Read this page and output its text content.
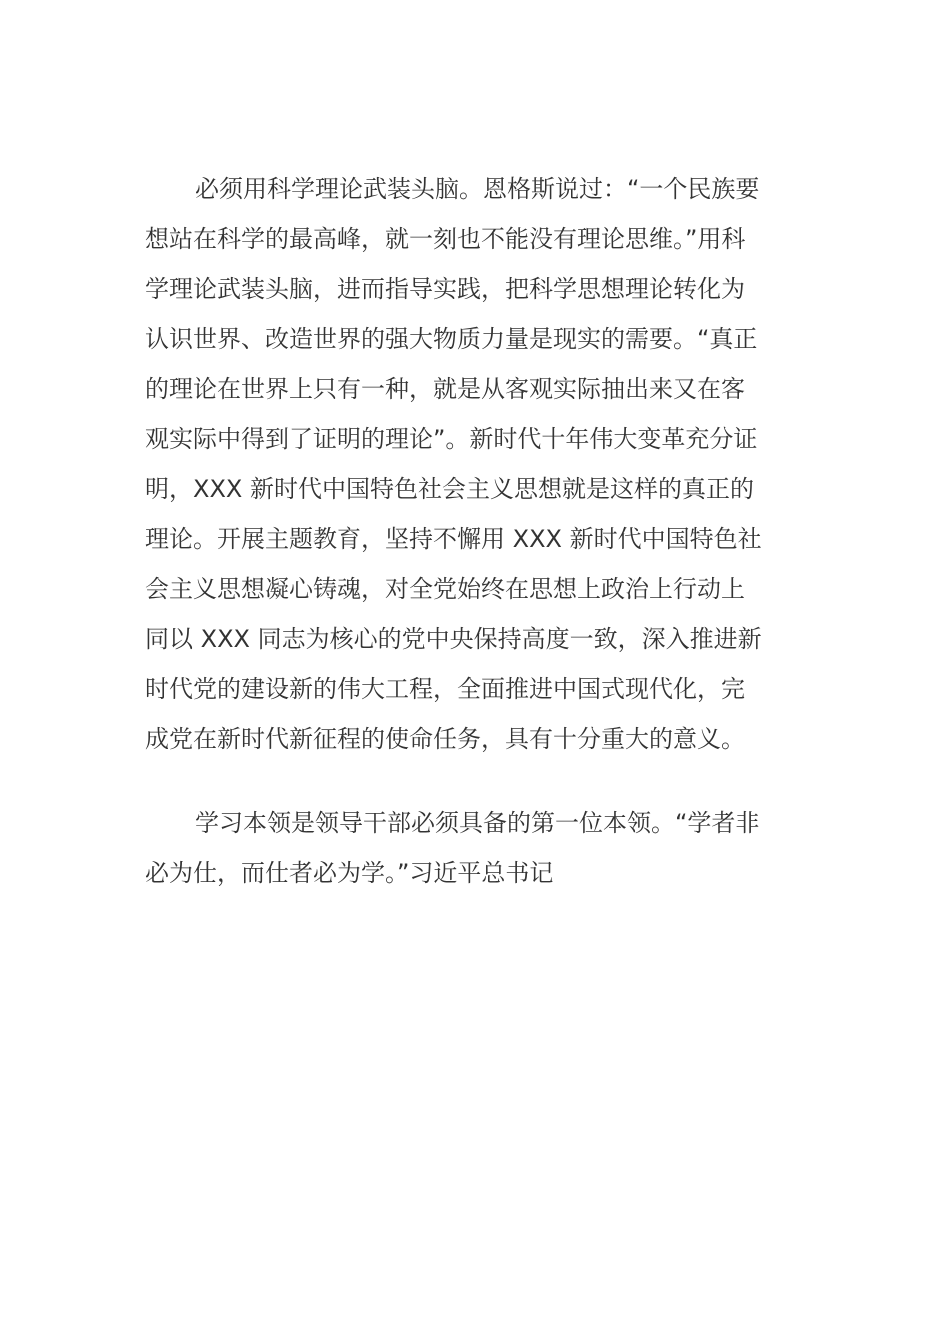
必须用科学理论武装头脑。恩格斯说过：“一个民族要
想站在科学的最高峰，就一刻也不能没有理论思维。”用科
学理论武装头脑，进而指导实践，把科学思想理论转化为
认识世界、改造世界的强大物质力量是现实的需要。“真正
的理论在世界上只有一种，就是从客观实际抽出来又在客
观实际中得到了证明的理论”。新时代十年伟大变革充分证
明，XXX 新时代中国特色社会主义思想就是这样的真正的
理论。开展主题教育，坚持不懈用 XXX 新时代中国特色社
会主义思想凝心铸魂，对全党始终在思想上政治上行动上
同以 XXX 同志为核心的党中央保持高度一致，深入推进新
时代党的建设新的伟大工程，全面推进中国式现代化，完
成党在新时代新征程的使命任务，具有十分重大的意义。

学习本领是领导干部必须具备的第一位本领。“学者非
必为仕，而仕者必为学。”习近平总书记
